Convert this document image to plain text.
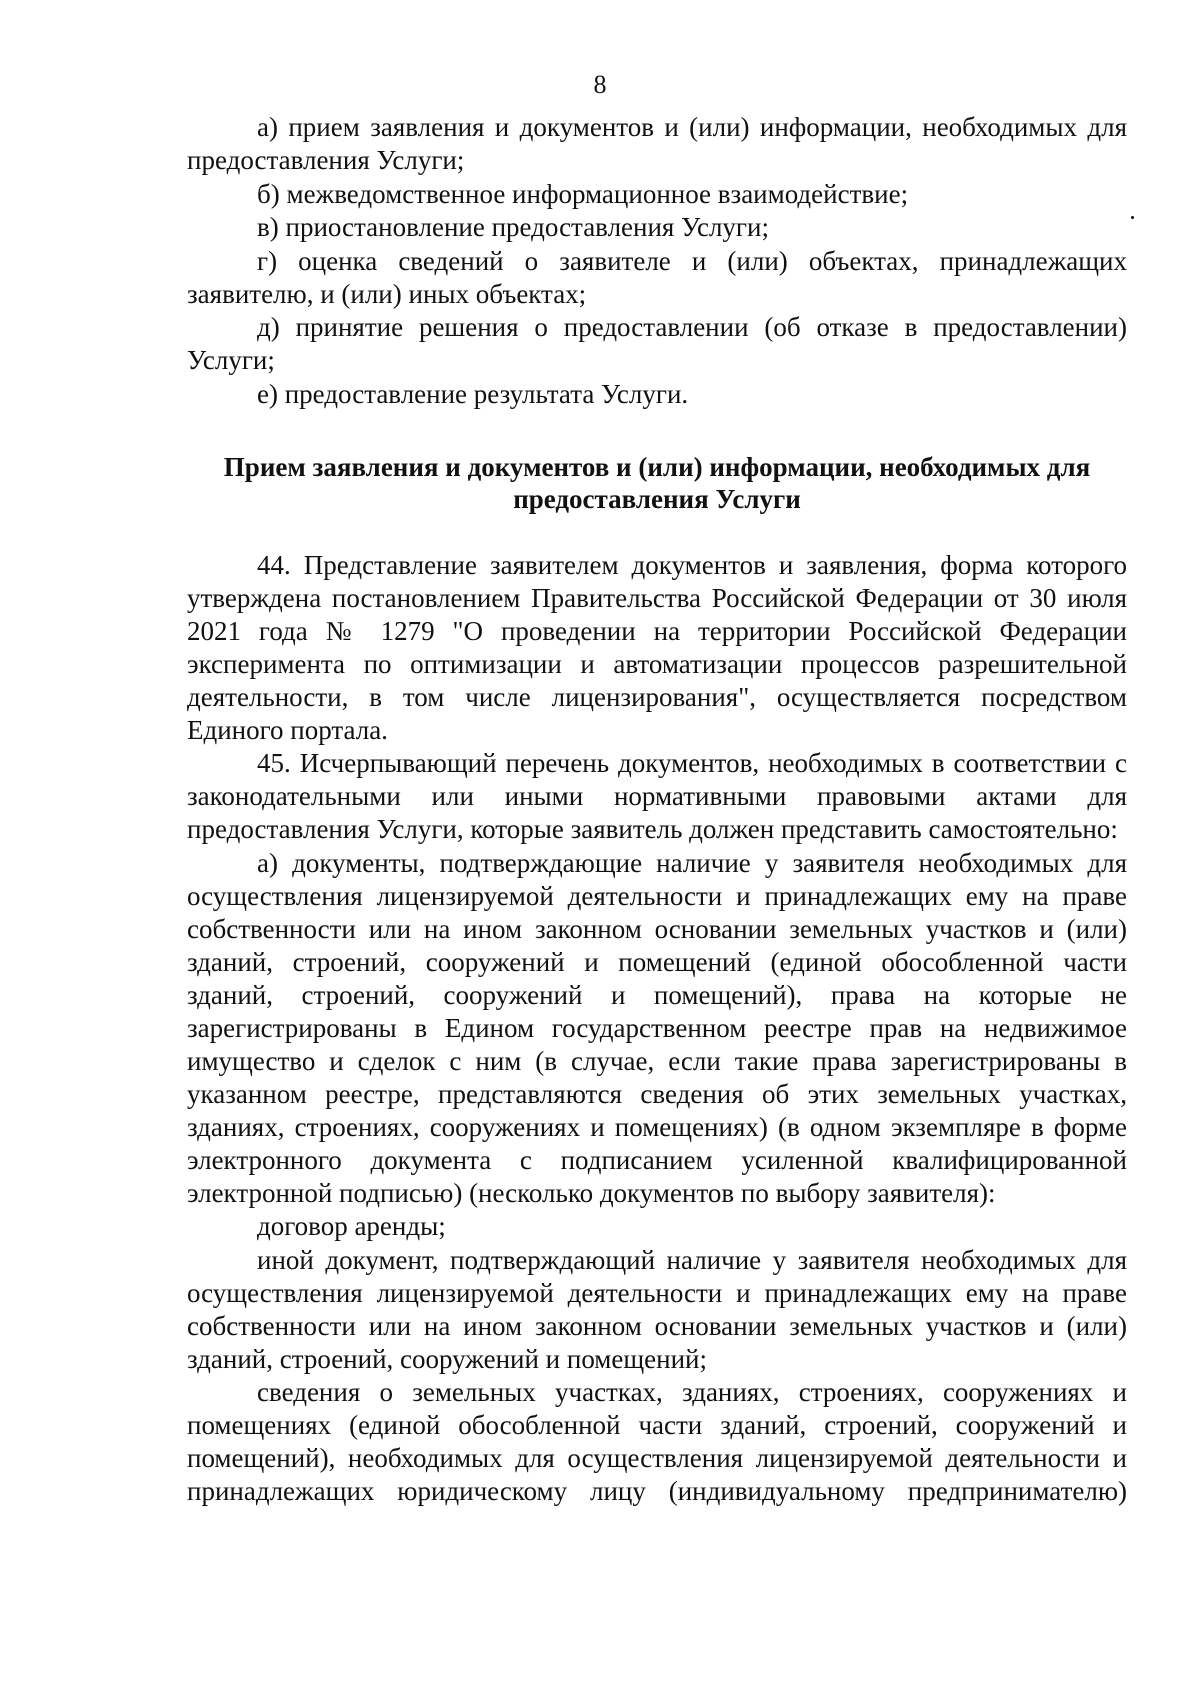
8

а) прием заявления и документов и (или) информации, необходимых для предоставления Услуги;

б) межведомственное информационное взаимодействие;

в) приостановление предоставления Услуги;

г) оценка сведений о заявителе и (или) объектах, принадлежащих заявителю, и (или) иных объектах;

д) принятие решения о предоставлении (об отказе в предоставлении) Услуги;

е) предоставление результата Услуги.

Прием заявления и документов и (или) информации, необходимых для
предоставления Услуги

44. Представление заявителем документов и заявления, форма которого утверждена постановлением Правительства Российской Федерации от 30 июля 2021 года № 1279 "О проведении на территории Российской Федерации эксперимента по оптимизации и автоматизации процессов разрешительной деятельности, в том числе лицензирования", осуществляется посредством Единого портала.

45. Исчерпывающий перечень документов, необходимых в соответствии с законодательными или иными нормативными правовыми актами для предоставления Услуги, которые заявитель должен представить самостоятельно:

а) документы, подтверждающие наличие у заявителя необходимых для осуществления лицензируемой деятельности и принадлежащих ему на праве собственности или на ином законном основании земельных участков и (или) зданий, строений, сооружений и помещений (единой обособленной части зданий, строений, сооружений и помещений), права на которые не зарегистрированы в Едином государственном реестре прав на недвижимое имущество и сделок с ним (в случае, если такие права зарегистрированы в указанном реестре, представляются сведения об этих земельных участках, зданиях, строениях, сооружениях и помещениях) (в одном экземпляре в форме электронного документа с подписанием усиленной квалифицированной электронной подписью) (несколько документов по выбору заявителя):

договор аренды;

иной документ, подтверждающий наличие у заявителя необходимых для осуществления лицензируемой деятельности и принадлежащих ему на праве собственности или на ином законном основании земельных участков и (или) зданий, строений, сооружений и помещений;

сведения о земельных участках, зданиях, строениях, сооружениях и помещениях (единой обособленной части зданий, строений, сооружений и помещений), необходимых для осуществления лицензируемой деятельности и принадлежащих юридическому лицу (индивидуальному предпринимателю)
